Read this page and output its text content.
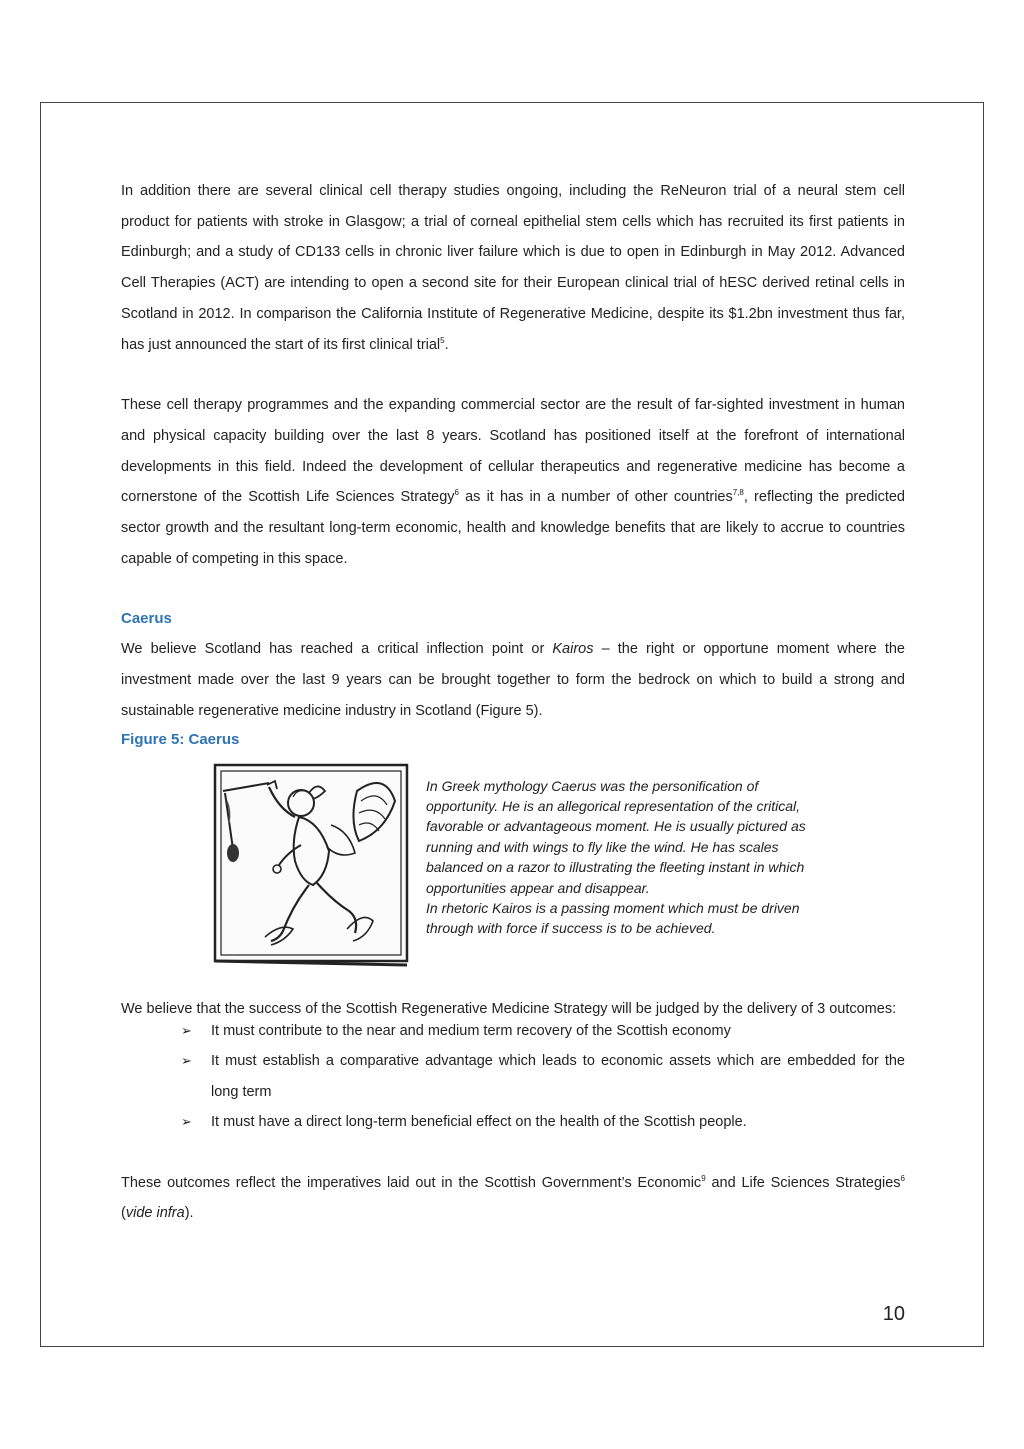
In addition there are several clinical cell therapy studies ongoing, including the ReNeuron trial of a neural stem cell product for patients with stroke in Glasgow; a trial of corneal epithelial stem cells which has recruited its first patients in Edinburgh; and a study of CD133 cells in chronic liver failure which is due to open in Edinburgh in May 2012. Advanced Cell Therapies (ACT) are intending to open a second site for their European clinical trial of hESC derived retinal cells in Scotland in 2012. In comparison the California Institute of Regenerative Medicine, despite its $1.2bn investment thus far, has just announced the start of its first clinical trial$^5$.

These cell therapy programmes and the expanding commercial sector are the result of far-sighted investment in human and physical capacity building over the last 8 years. Scotland has positioned itself at the forefront of international developments in this field. Indeed the development of cellular therapeutics and regenerative medicine has become a cornerstone of the Scottish Life Sciences Strategy$^6$ as it has in a number of other countries$^{7,8}$, reflecting the predicted sector growth and the resultant long-term economic, health and knowledge benefits that are likely to accrue to countries capable of competing in this space.

Caerus

We believe Scotland has reached a critical inflection point or Kairos – the right or opportune moment where the investment made over the last 9 years can be brought together to form the bedrock on which to build a strong and sustainable regenerative medicine industry in Scotland (Figure 5).

Figure 5: Caerus
In Greek mythology Caerus was the personification of
opportunity. He is an allegorical representation of the critical,
favorable or advantageous moment. He is usually pictured as
running and with wings to fly like the wind. He has scales
balanced on a razor to illustrating the fleeting instant in which
opportunities appear and disappear.
In rhetoric Kairos is a passing moment which must be driven
through with force if success is to be achieved.

We believe that the success of the Scottish Regenerative Medicine Strategy will be judged by the delivery of 3 outcomes:

➢ It must contribute to the near and medium term recovery of the Scottish economy
➢ It must establish a comparative advantage which leads to economic assets which are embedded for the long term
➢ It must have a direct long-term beneficial effect on the health of the Scottish people.

These outcomes reflect the imperatives laid out in the Scottish Government’s Economic$^9$ and Life Sciences Strategies$^6$ (vide infra).

10
